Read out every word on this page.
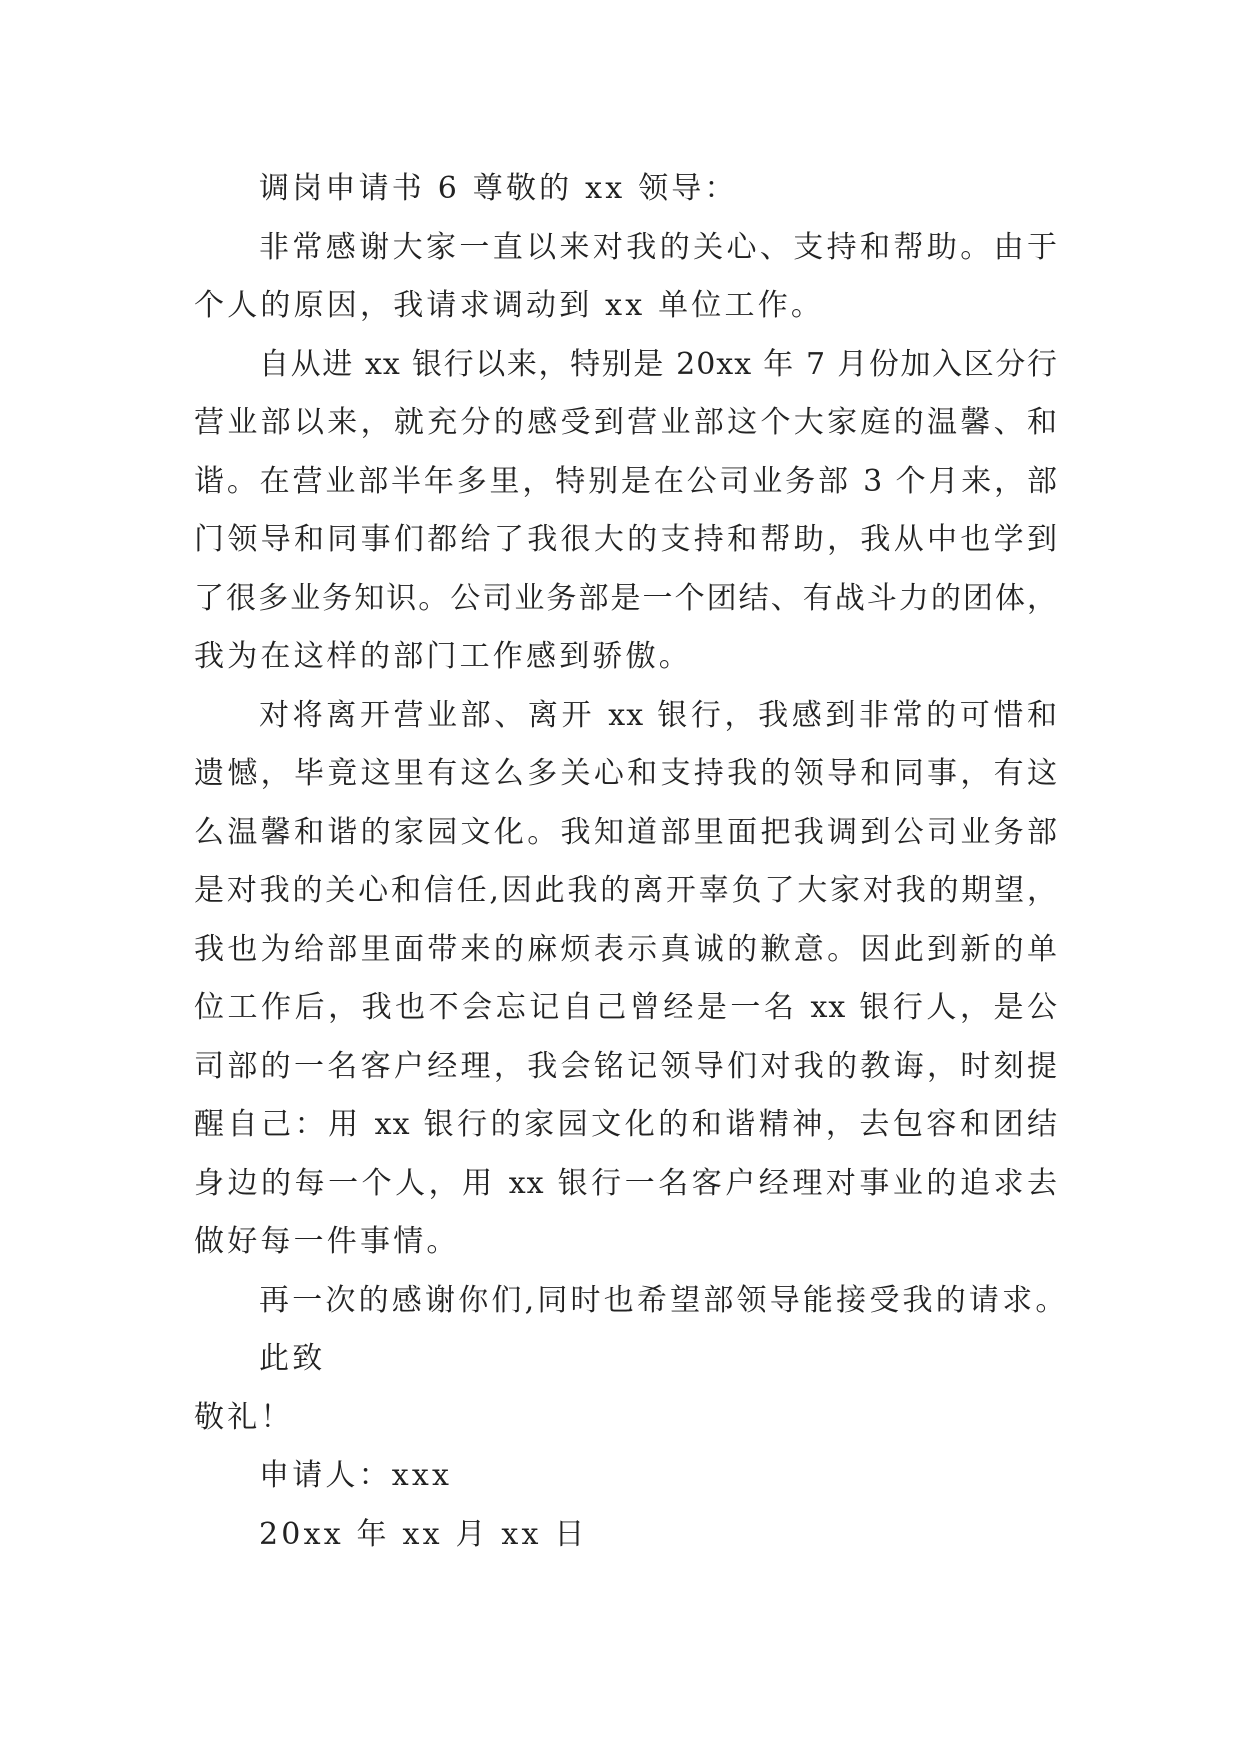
调岗申请书 6 尊敬的 xx 领导：
非常感谢大家一直以来对我的关心、支持和帮助。由于
个人的原因，我请求调动到 xx 单位工作。
自从进 xx 银行以来，特别是 20xx 年 7 月份加入区分行
营业部以来，就充分的感受到营业部这个大家庭的温馨、和
谐。在营业部半年多里，特别是在公司业务部 3 个月来，部
门领导和同事们都给了我很大的支持和帮助，我从中也学到
了很多业务知识。公司业务部是一个团结、有战斗力的团体，
我为在这样的部门工作感到骄傲。
对将离开营业部、离开 xx 银行，我感到非常的可惜和
遗憾，毕竟这里有这么多关心和支持我的领导和同事，有这
么温馨和谐的家园文化。我知道部里面把我调到公司业务部
是对我的关心和信任,因此我的离开辜负了大家对我的期望，
我也为给部里面带来的麻烦表示真诚的歉意。因此到新的单
位工作后，我也不会忘记自己曾经是一名 xx 银行人，是公
司部的一名客户经理，我会铭记领导们对我的教诲，时刻提
醒自己：用 xx 银行的家园文化的和谐精神，去包容和团结
身边的每一个人，用 xx 银行一名客户经理对事业的追求去
做好每一件事情。
再一次的感谢你们,同时也希望部领导能接受我的请求。
此致
敬礼！
申请人：xxx
20xx 年 xx 月 xx 日
